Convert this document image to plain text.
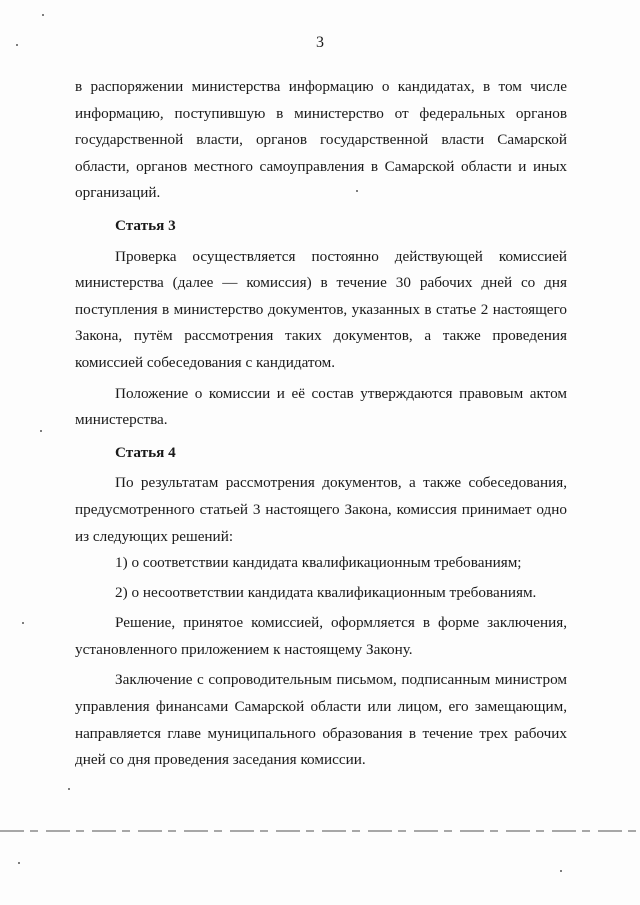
3

в распоряжении министерства информацию о кандидатах, в том числе информацию, поступившую в министерство от федеральных органов государственной власти, органов государственной власти Самарской области, органов местного самоуправления в Самарской области и иных организаций.

Статья 3

Проверка осуществляется постоянно действующей комиссией министерства (далее — комиссия) в течение 30 рабочих дней со дня поступления в министерство документов, указанных в статье 2 настоящего Закона, путём рассмотрения таких документов, а также проведения комиссией собеседования с кандидатом.

Положение о комиссии и её состав утверждаются правовым актом министерства.

Статья 4

По результатам рассмотрения документов, а также собеседования, предусмотренного статьей 3 настоящего Закона, комиссия принимает одно из следующих решений:

1) о соответствии кандидата квалификационным требованиям;

2) о несоответствии кандидата квалификационным требованиям.

Решение, принятое комиссией, оформляется в форме заключения, установленного приложением к настоящему Закону.

Заключение с сопроводительным письмом, подписанным министром управления финансами Самарской области или лицом, его замещающим, направляется главе муниципального образования в течение трех рабочих дней со дня проведения заседания комиссии.
